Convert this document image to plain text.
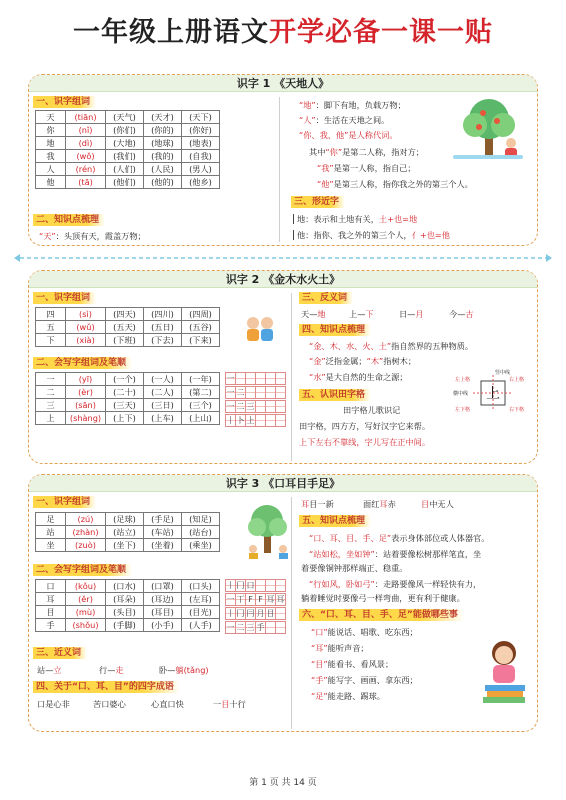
一年级上册语文开学必备一课一贴
识字 1 《天地人》
一、识字组词
天	(tiān)	(天气)	(天才)	(天下)
你	(nǐ)	(你们)	(你的)	(你好)
地	(dì)	(大地)	(地球)	(地表)
我	(wǒ)	(我们)	(我的)	(自我)
人	(rén)	(人们)	(人民)	(男人)
他	(tā)	(他们)	(他的)	(他乡)
二、知识点梳理
“天”：头顶有天，霞盖万物；
“地”：脚下有地，负载万物；
“人”：生活在天地之间。
“你、我、他”是人称代词。
其中“你”是第二人称，指对方；
“我”是第一人称，指自己；
“他”是第三人称，指你我之外的第三个人。
三、形近字
地：表示和土地有关，土+也=地
他：指你、我之外的第三个人，亻+也=他
识字 2 《金木水火土》
一、识字组词
四	(sì)	(四天)	(四川)	(四周)
五	(wǔ)	(五天)	(五日)	(五谷)
下	(xià)	(下班)	(下去)	(下来)
二、会写字组词及笔顺
一	(yī)	(一个)	(一人)	(一年)
二	(èr)	(二十)	(二人)	(第二)
三	(sān)	(三天)	(三日)	(三个)
上	(shàng)	(上下)	(上车)	(上山)
一
一 二
一 二 三
丨 卜 上
三、反义词
天—地	上—下	日—月	今—古
四、知识点梳理
“金、木、水、火、土”指自然界的五种物质。
“金”泛指金属；“木”指树木；
“水”是大自然的生命之源；
五、认识田字格
田字格儿歌识记
田字格，四方方，写好汉字它来帮。
上下左右不靠线，字儿写在正中间。
上
竖中线
横中线
左上格	右上格
左下格	右下格
识字 3 《口耳目手足》
一、识字组词
足	(zú)	(足球)	(手足)	(知足)
站	(zhàn)	(站立)	(车站)	(站台)
坐	(zuò)	(坐下)	(坐着)	(乘坐)
二、会写字组词及笔顺
口	(kǒu)	(口水)	(口罩)	(口头)
耳	(ěr)	(耳朵)	(耳边)	(左耳)
目	(mù)	(头目)	(耳目)	(目光)
手	(shǒu)	(手脚)	(小手)	(人手)
丨 冂 口
一 丅 F F 耳 耳
丨 冂 冃 月 目
一 二 三 手
三、近义词
站—立	行—走	卧—躺(tǎng)
四、关于“口、耳、目”的四字成语
口是心非	苦口婆心	心直口快	一目十行
耳目一新	面红耳赤	目中无人
五、知识点梳理
“口、耳、目、手、足”表示身体部位或人体器官。
“站如松，坐如钟”：站着要像松树那样笔直，坐
着要像铜钟那样端正、稳重。
“行如风，卧如弓”：走路要像风一样轻快有力，
躺着睡觉时要像弓一样弯曲，更有利于健康。
六、“口、耳、目、手、足”能做哪些事
“口”能说话、唱歌、吃东西；
“耳”能听声音；
“目”能看书、看风景；
“手”能写字、画画、拿东西；
“足”能走路、踢球。
第 1 页 共 14 页
